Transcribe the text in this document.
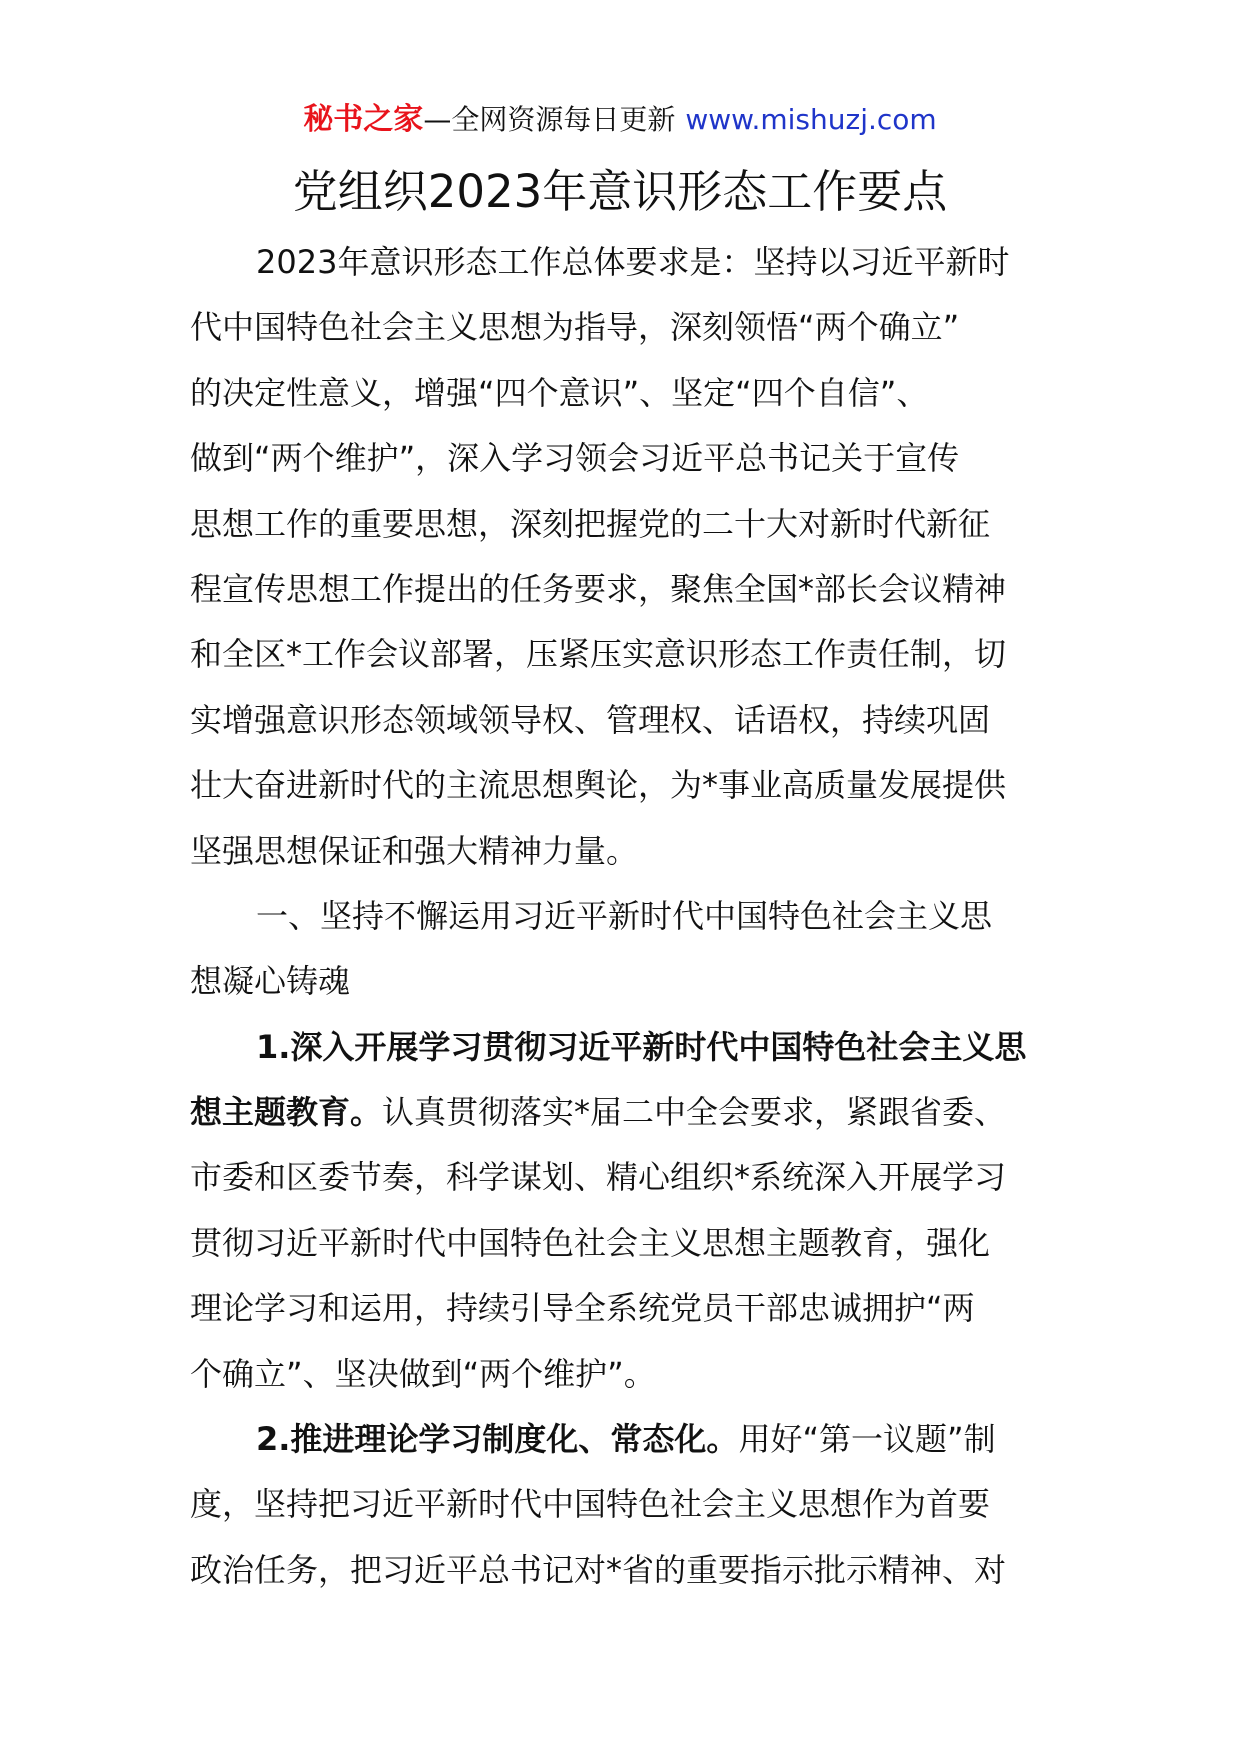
秘书之家—全网资源每日更新 www.mishuzj.com
党组织2023年意识形态工作要点
2023年意识形态工作总体要求是：坚持以习近平新时
代中国特色社会主义思想为指导，深刻领悟“两个确立”
的决定性意义，增强“四个意识”、坚定“四个自信”、
做到“两个维护”，深入学习领会习近平总书记关于宣传
思想工作的重要思想，深刻把握党的二十大对新时代新征
程宣传思想工作提出的任务要求，聚焦全国*部长会议精神
和全区*工作会议部署，压紧压实意识形态工作责任制，切
实增强意识形态领域领导权、管理权、话语权，持续巩固
壮大奋进新时代的主流思想舆论，为*事业高质量发展提供
坚强思想保证和强大精神力量。
一、坚持不懈运用习近平新时代中国特色社会主义思
想凝心铸魂
1.深入开展学习贯彻习近平新时代中国特色社会主义思
想主题教育。认真贯彻落实*届二中全会要求，紧跟省委、
市委和区委节奏，科学谋划、精心组织*系统深入开展学习
贯彻习近平新时代中国特色社会主义思想主题教育，强化
理论学习和运用，持续引导全系统党员干部忠诚拥护“两
个确立”、坚决做到“两个维护”。
2.推进理论学习制度化、常态化。用好“第一议题”制
度，坚持把习近平新时代中国特色社会主义思想作为首要
政治任务，把习近平总书记对*省的重要指示批示精神、对
